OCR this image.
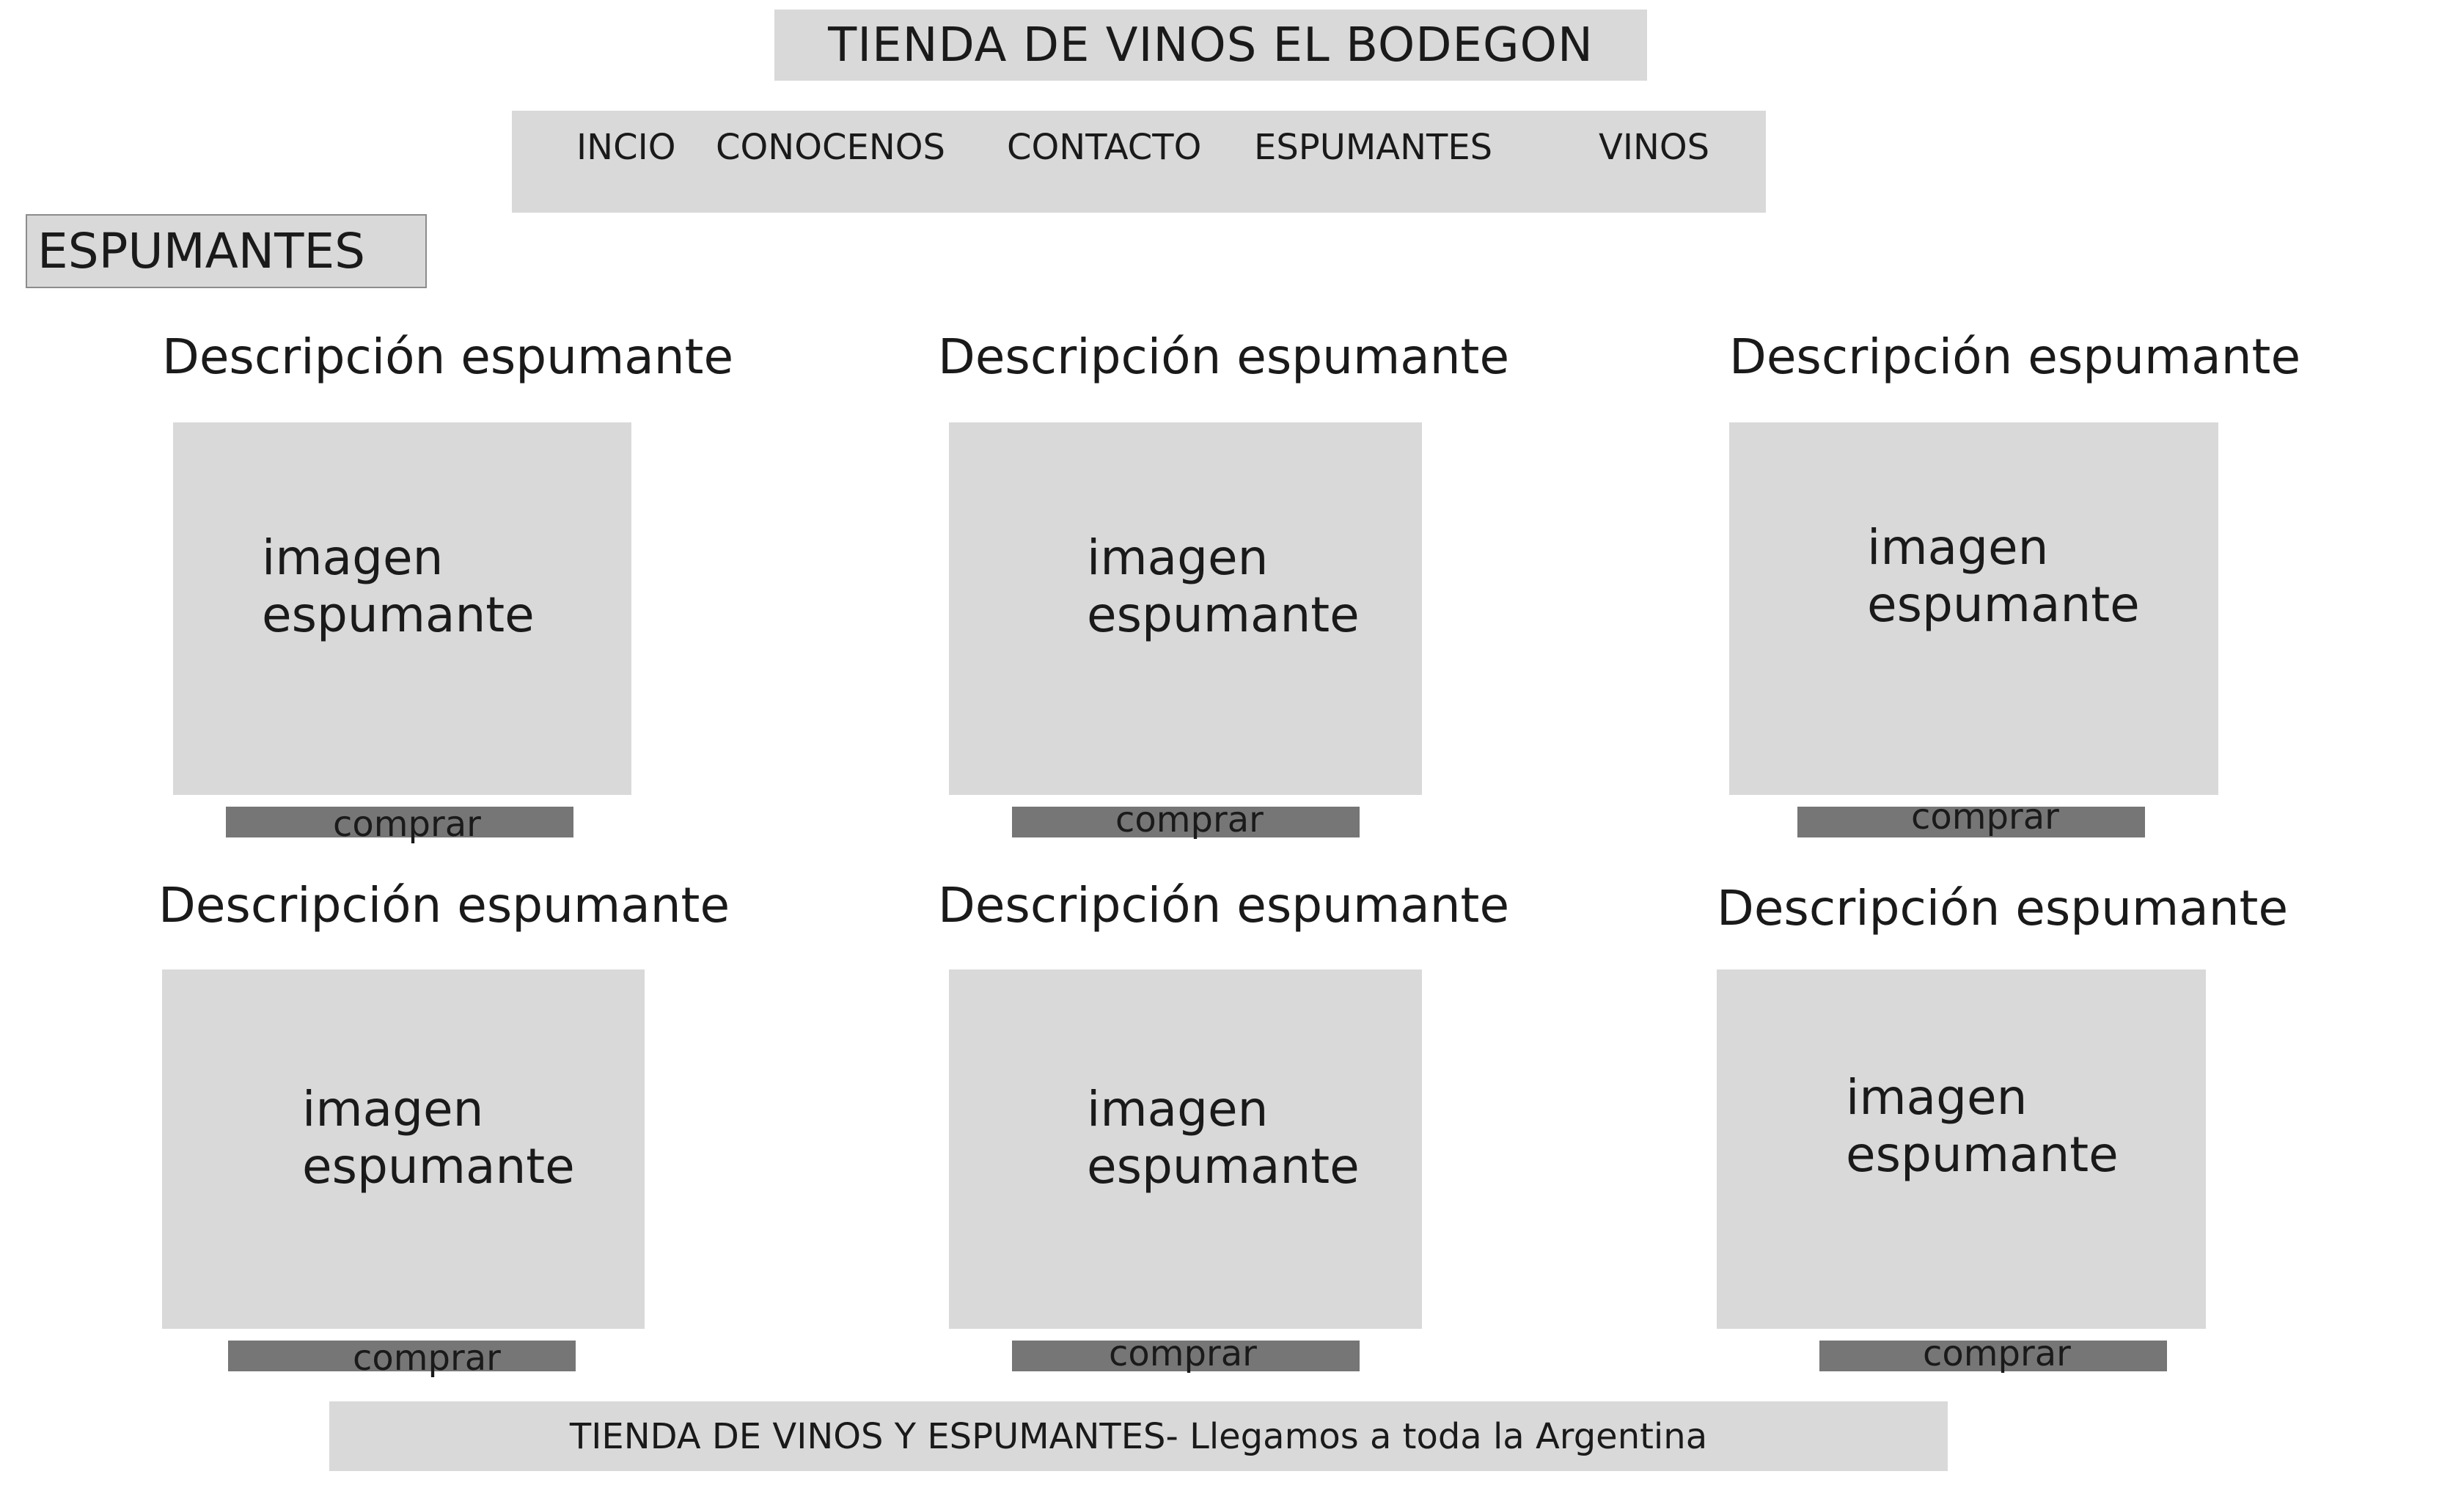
TIENDA DE VINOS EL BODEGON
INCIO CONOCENOS CONTACTO ESPUMANTES	VINOS
ESPUMANTES
Descripción espumante
imagen
espumante
comprar
Descripción espumante
imagen
espumante
comprar
Descripción espumante
imagen
espumante
comprar
Descripción espumante
imagen
espumante
comprar
Descripción espumante
imagen
espumante
comprar
Descripción espumante
imagen
espumante
comprar
TIENDA DE VINOS Y ESPUMANTES- Llegamos a toda la Argentina
